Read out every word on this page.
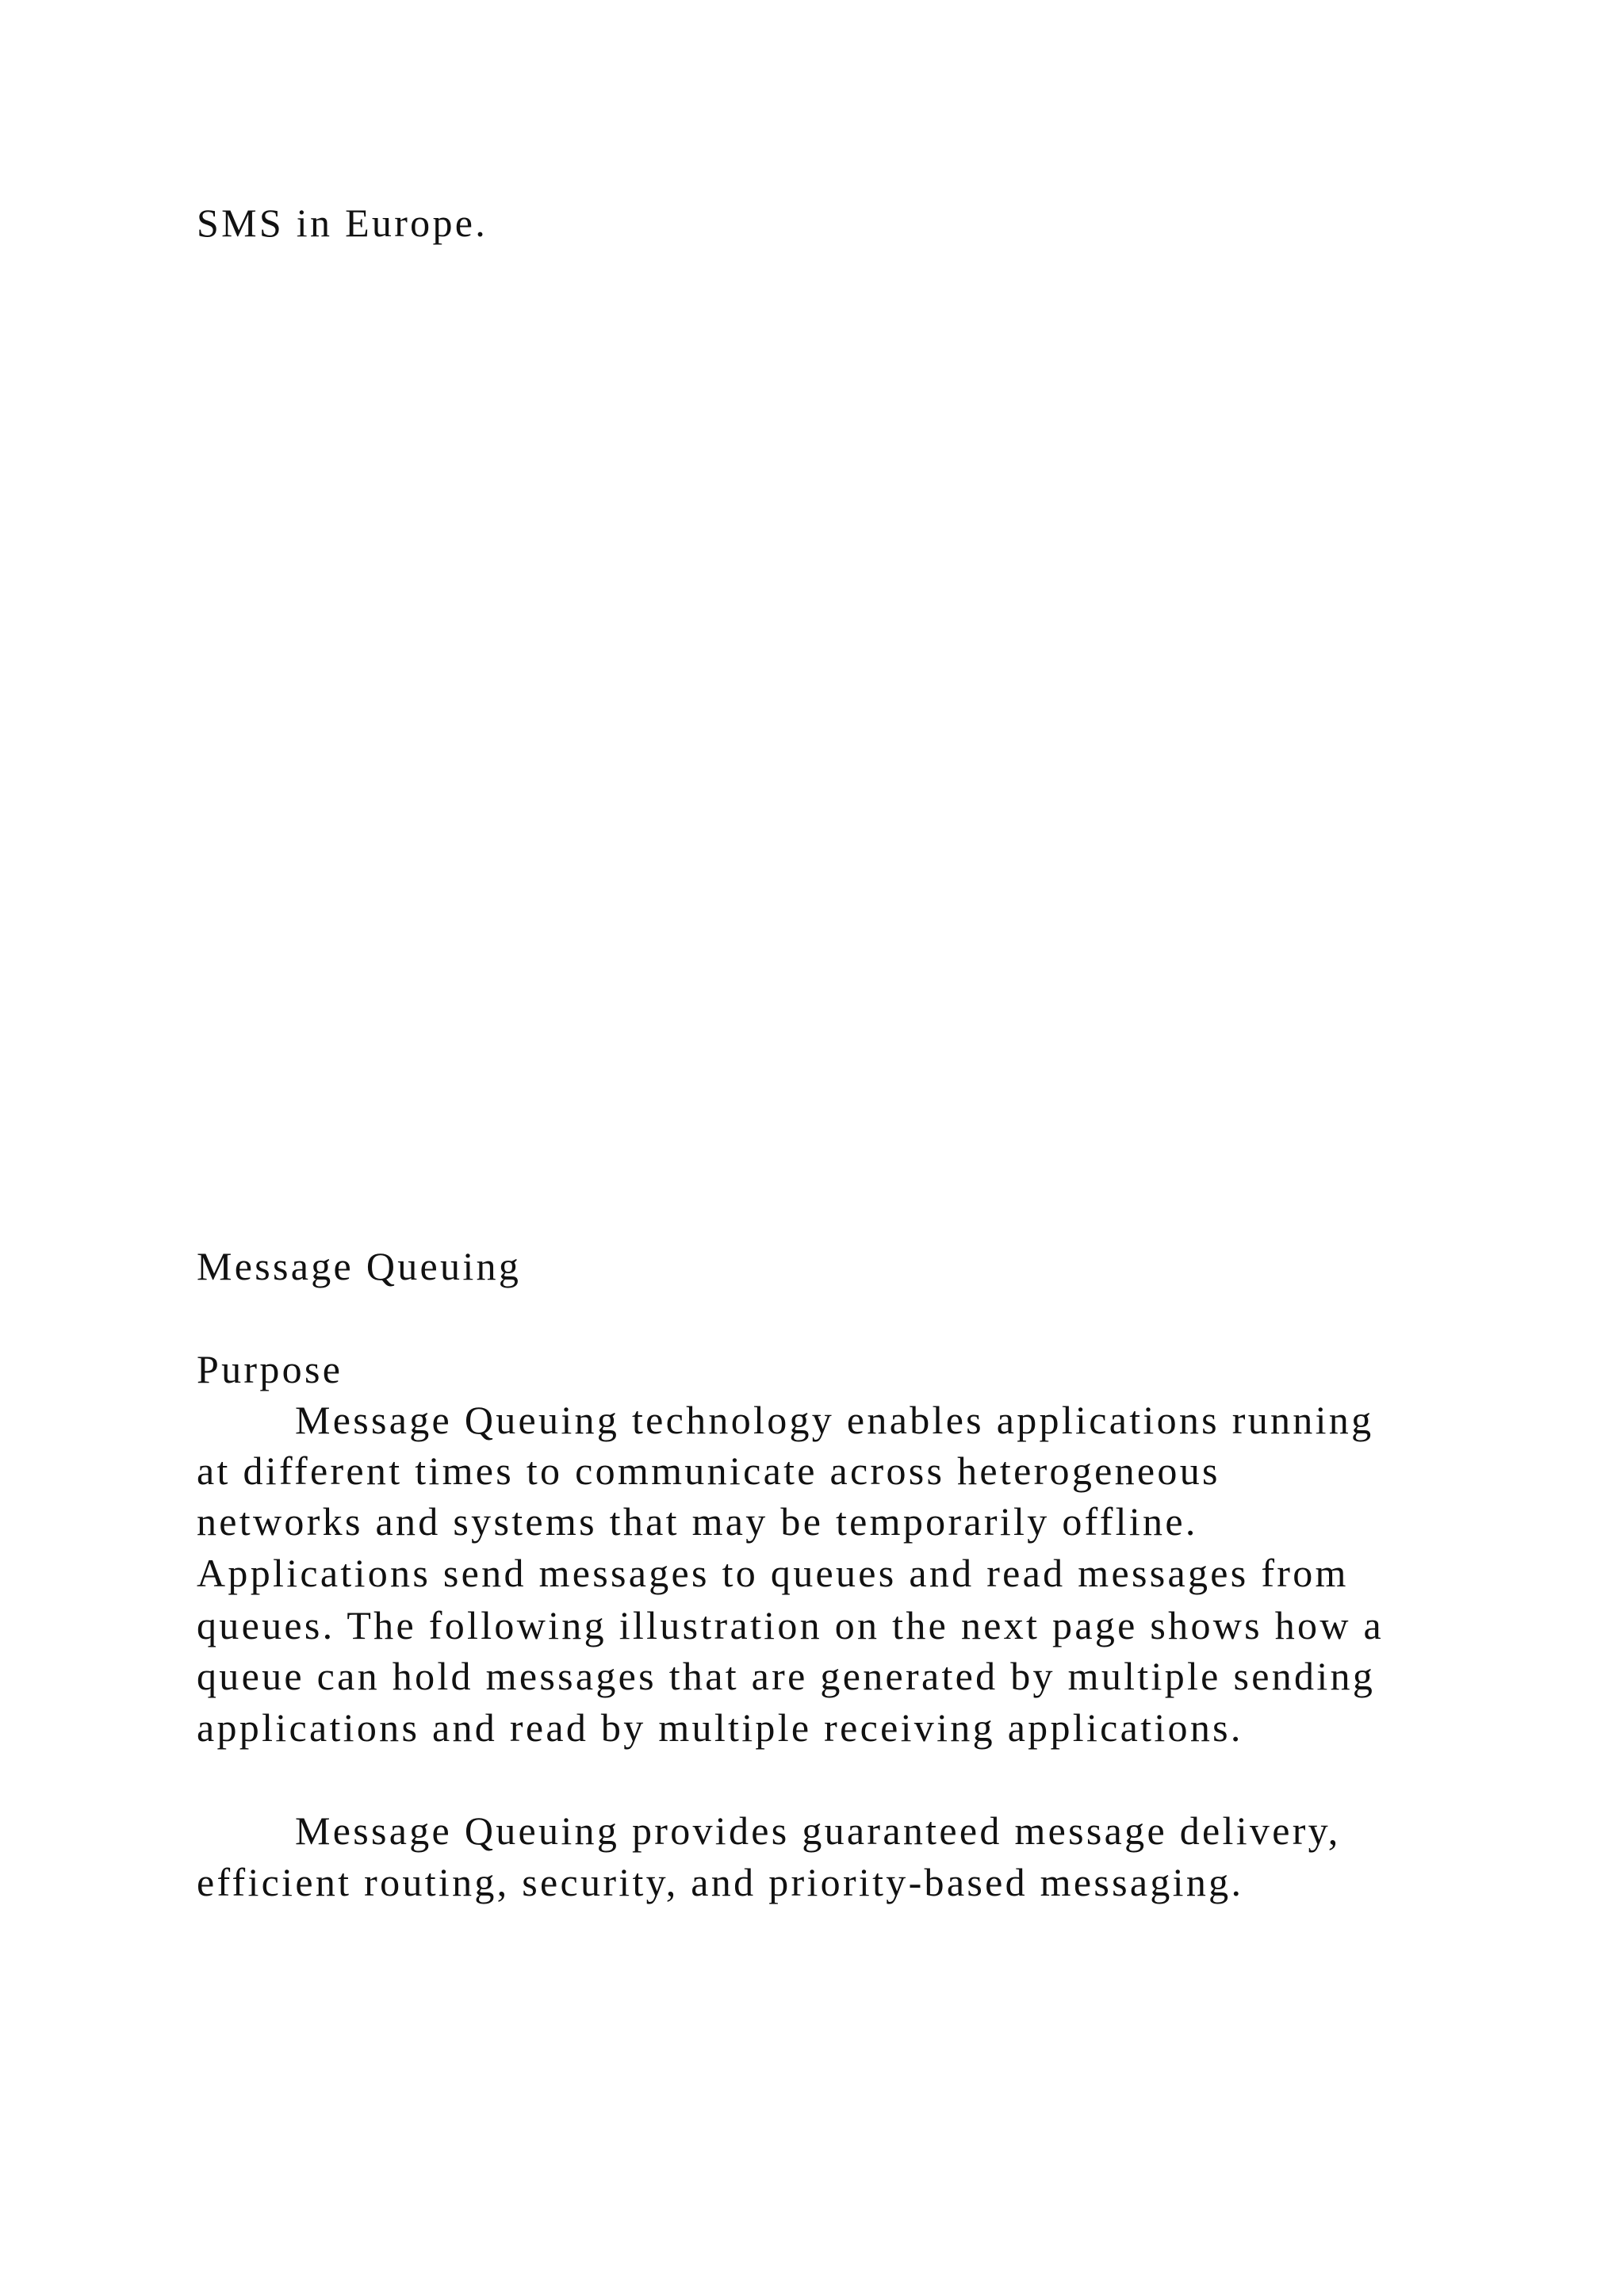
SMS in Europe.

Message Queuing

Purpose

Message Queuing technology enables applications running

at different times to communicate across heterogeneous

networks and systems that may be temporarily offline.

Applications send messages to queues and read messages from

queues. The following illustration on the next page shows how a

queue can hold messages that are generated by multiple sending

applications and read by multiple receiving applications.

Message Queuing provides guaranteed message delivery,

efficient routing, security, and priority-based messaging.
